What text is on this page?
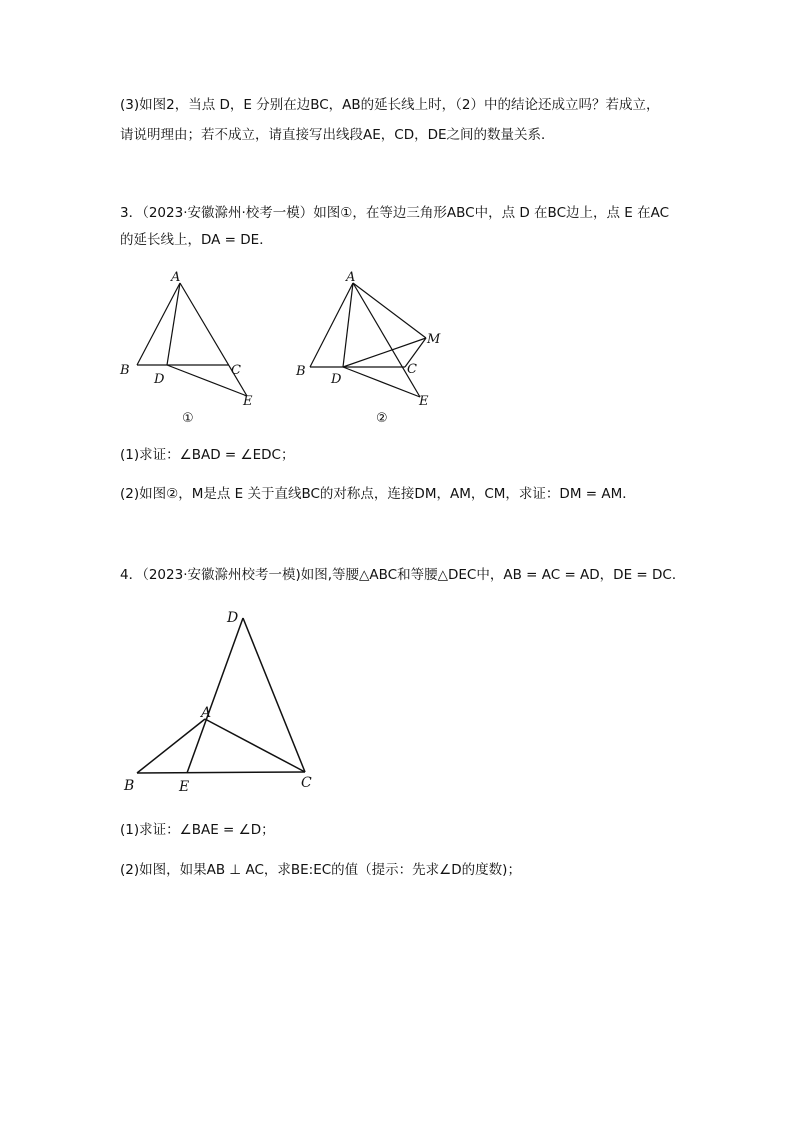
(3)如图2，当点 D，E 分别在边BC，AB的延长线上时，（2）中的结论还成立吗？若成立，
请说明理由；若不成立，请直接写出线段AE，CD，DE之间的数量关系．
3．（2023·安徽滁州·校考一模）如图①，在等边三角形ABC中，点 D 在BC边上，点 E 在AC
的延长线上，DA = DE．
A
B	C
D
E
①
A
B	C
D
E
M
②
(1)求证：∠BAD = ∠EDC；
(2)如图②，M是点 E 关于直线BC的对称点，连接DM，AM，CM，求证：DM = AM．
4．（2023·安徽滁州校考一模)如图,等腰△ABC和等腰△DEC中，AB = AC = AD，DE = DC．
D
A
B	E	C
(1)求证：∠BAE = ∠D；
(2)如图，如果AB ⊥ AC，求BE:EC的值（提示：先求∠D的度数)；
